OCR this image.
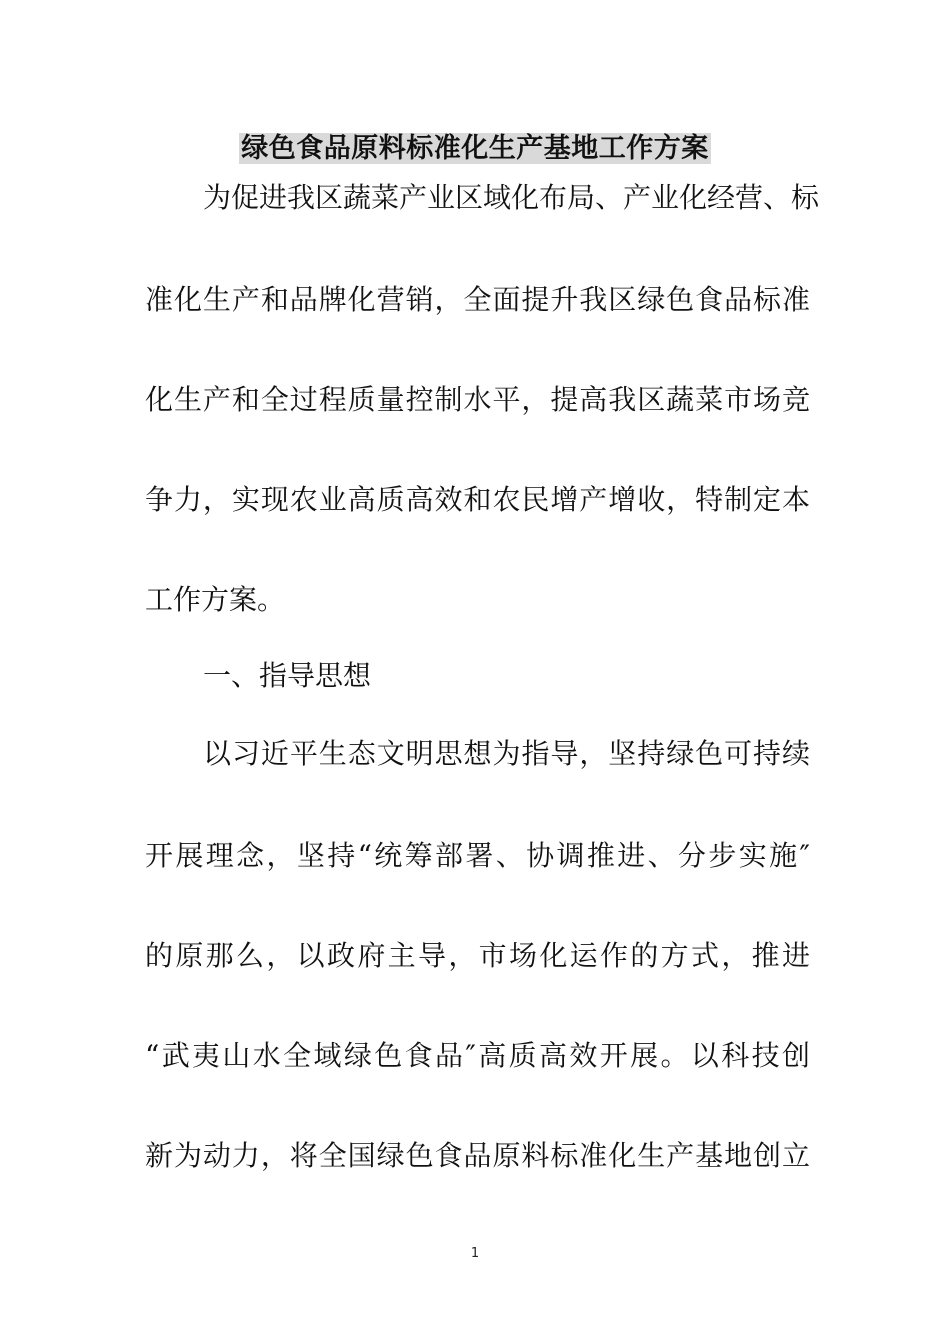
绿色食品原料标准化生产基地工作方案
为促进我区蔬菜产业区域化布局、产业化经营、标
准化生产和品牌化营销，全面提升我区绿色食品标准
化生产和全过程质量控制水平，提高我区蔬菜市场竞
争力，实现农业高质高效和农民增产增收，特制定本
工作方案。
一、指导思想
以习近平生态文明思想为指导，坚持绿色可持续
开展理念，坚持“统筹部署、协调推进、分步实施″
的原那么，以政府主导，市场化运作的方式，推进
“武夷山水全域绿色食品″高质高效开展。以科技创
新为动力，将全国绿色食品原料标准化生产基地创立
1
